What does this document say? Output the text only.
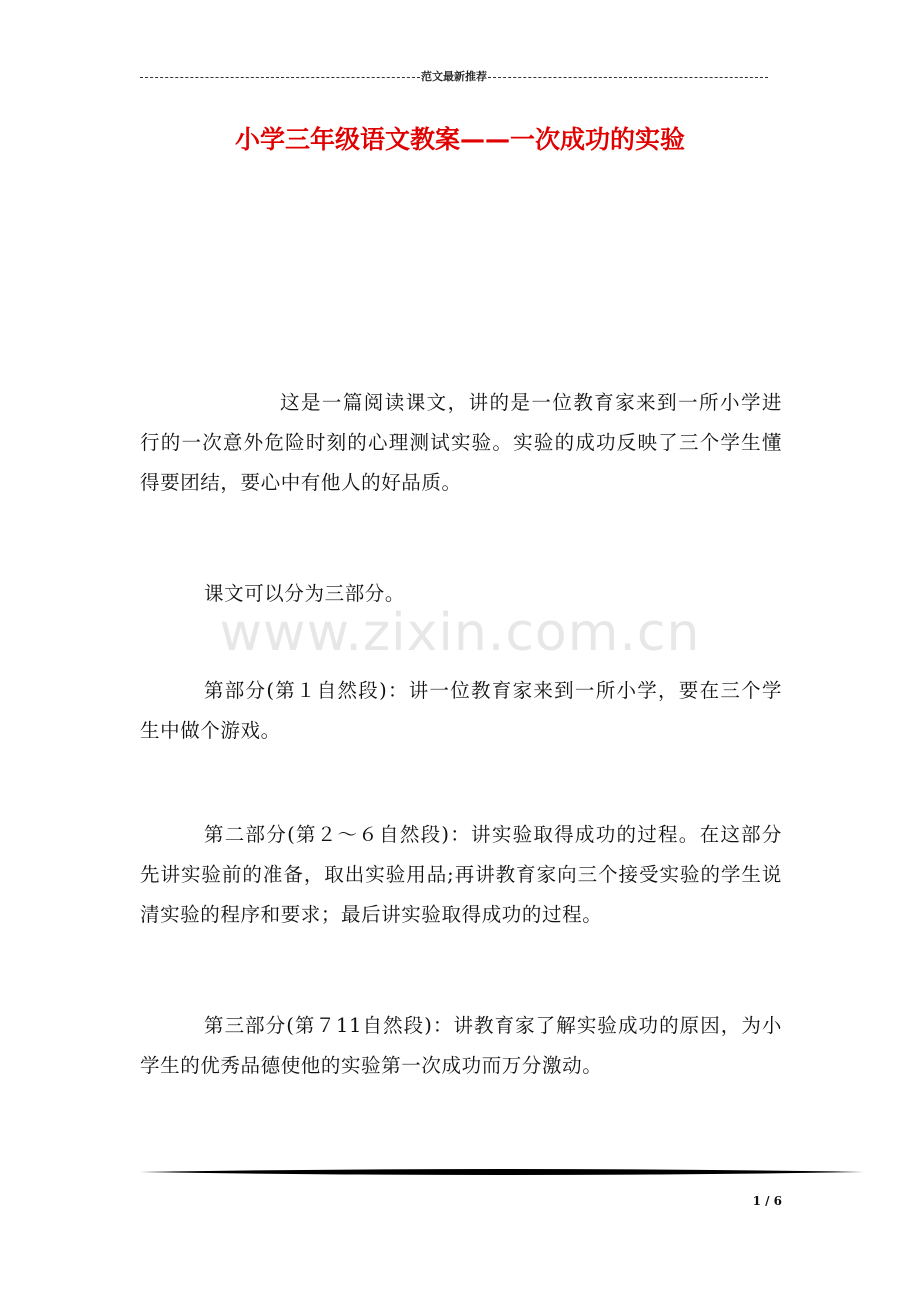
范文最新推荐
小学三年级语文教案——一次成功的实验

这是一篇阅读课文，讲的是一位教育家来到一所小学进行的一次意外危险时刻的心理测试实验。实验的成功反映了三个学生懂得要团结，要心中有他人的好品质。

课文可以分为三部分。

第部分(第１自然段)：讲一位教育家来到一所小学，要在三个学生中做个游戏。

第二部分(第２～６自然段)：讲实验取得成功的过程。在这部分先讲实验前的准备，取出实验用品;再讲教育家向三个接受实验的学生说清实验的程序和要求；最后讲实验取得成功的过程。

第三部分(第７11自然段)：讲教育家了解实验成功的原因，为小学生的优秀品德使他的实验第一次成功而万分激动。

www.zixin.com.cn
1 / 6
